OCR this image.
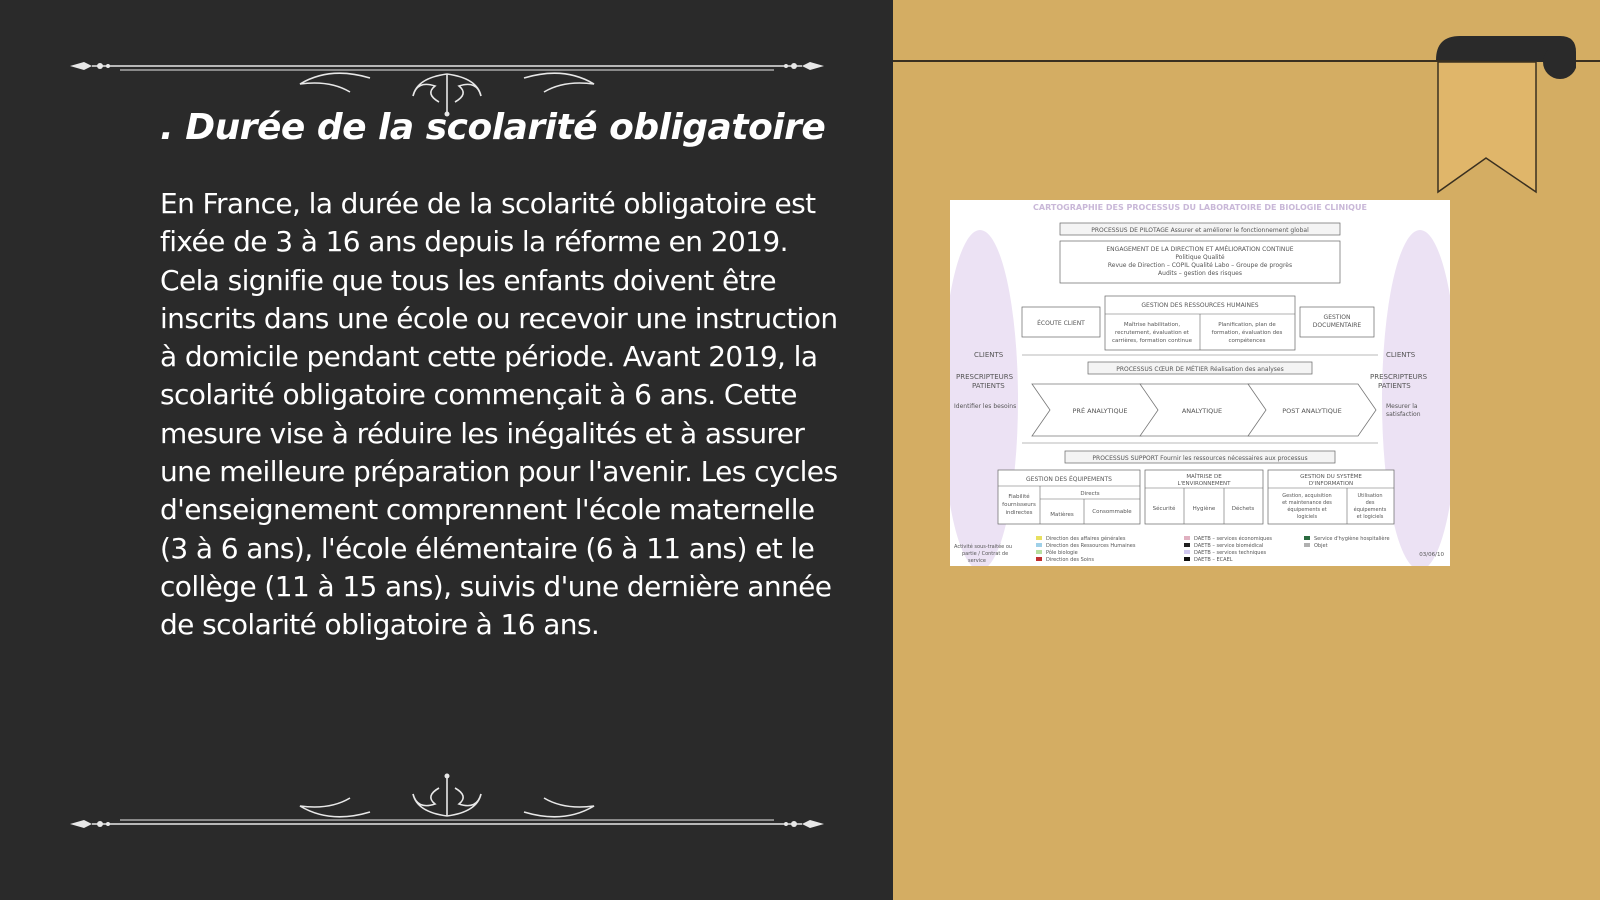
. Durée de la scolarité obligatoire

En France, la durée de la scolarité obligatoire est fixée de 3 à 16 ans depuis la réforme en 2019. Cela signifie que tous les enfants doivent être inscrits dans une école ou recevoir une instruction à domicile pendant cette période. Avant 2019, la scolarité obligatoire commençait à 6 ans. Cette mesure vise à réduire les inégalités et à assurer une meilleure préparation pour l'avenir. Les cycles d'enseignement comprennent l'école maternelle (3 à 6 ans), l'école élémentaire (6 à 11 ans) et le collège (11 à 15 ans), suivis d'une dernière année de scolarité obligatoire à 16 ans.

CARTOGRAPHIE DES PROCESSUS DU LABORATOIRE DE BIOLOGIE CLINIQUE
PROCESSUS DE PILOTAGE Assurer et améliorer le fonctionnement global
ENGAGEMENT DE LA DIRECTION ET AMÉLIORATION CONTINUE
Politique Qualité
Revue de Direction – COPIL Qualité Labo – Groupe de progrès
Audits – gestion des risques
ÉCOUTE CLIENT
GESTION DES RESSOURCES HUMAINES
Maîtrise habilitation,
recrutement, évaluation et
carrières, formation continue
Planification, plan de
formation, évaluation des
compétences
GESTION
DOCUMENTAIRE
CLIENTS	CLIENTS
PROCESSUS CŒUR DE MÉTIER Réalisation des analyses
PRESCRIPTEURS
PATIENTS
PRESCRIPTEURS
PATIENTS
Identifier les besoins	Mesurer la
satisfaction
PRÉ ANALYTIQUE	ANALYTIQUE	POST ANALYTIQUE
PROCESSUS SUPPORT Fournir les ressources nécessaires aux processus
GESTION DES ÉQUIPEMENTS
Fiabilité
fournisseurs
indirectes
Directs
Matières	Consommable
MAÎTRISE DE
L'ENVIRONNEMENT
Sécurité	Hygiène	Déchets
GESTION DU SYSTÈME
D'INFORMATION
Gestion, acquisition
et maintenance des
équipements et
logiciels
Utilisation
des
équipements
et logiciels
Activité sous-traitée ou
partie / Contrat de
service
Direction des affaires générales
Direction des Ressources Humaines
Pôle biologie
Direction des Soins
DAETB – services économiques
DAETB – service biomédical
DAETB – services techniques
DAETB – ECAEL
Service d'hygiène hospitalière
Objet
03/06/10
